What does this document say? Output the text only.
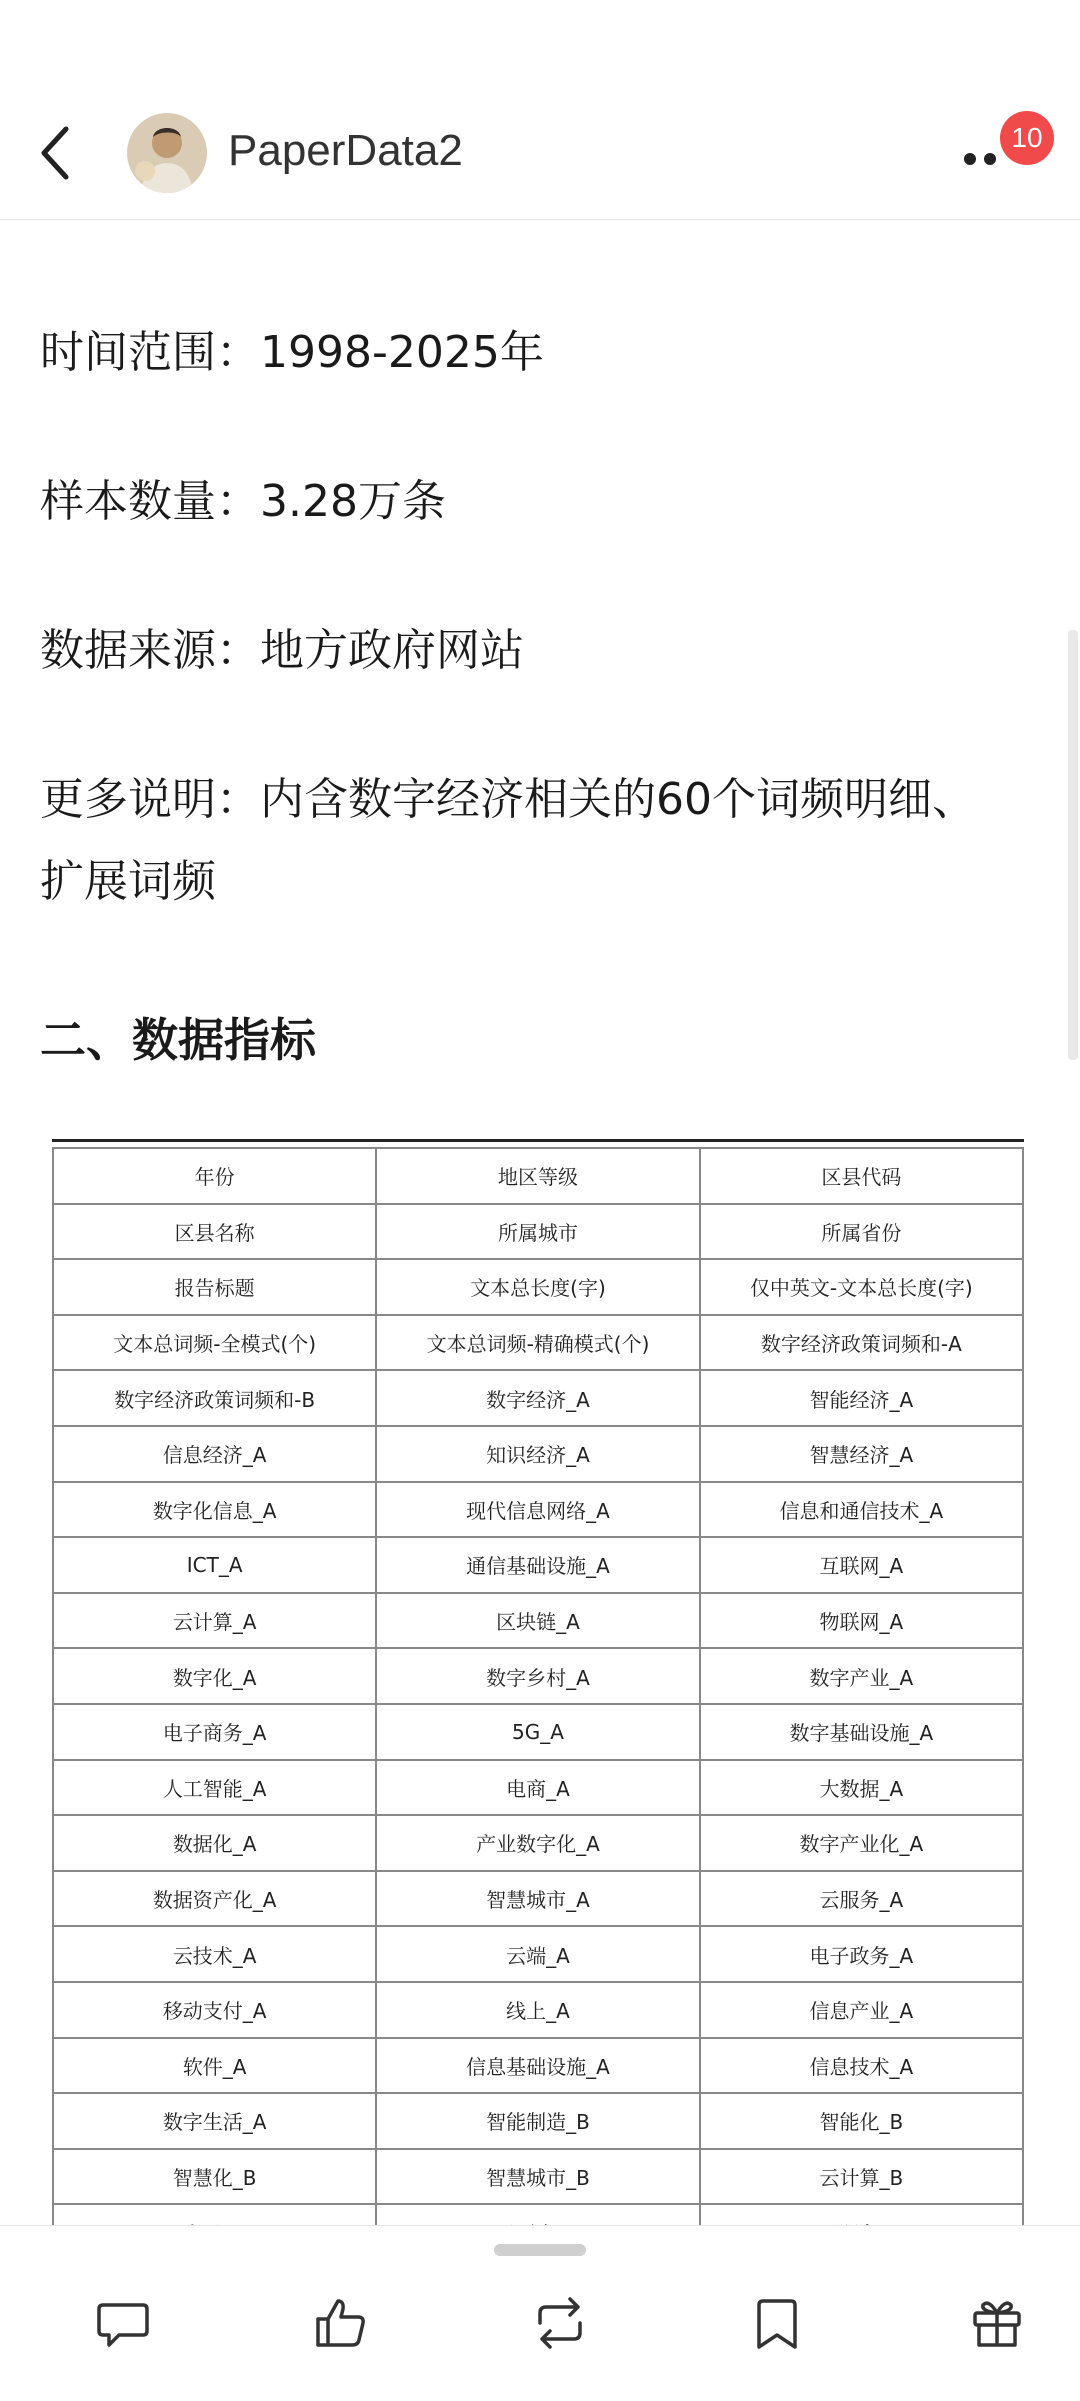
PaperData2	10
时间范围：1998-2025年
样本数量：3.28万条
数据来源：地方政府网站
更多说明：内含数字经济相关的60个词频明细、
扩展词频
二、数据指标
年份	地区等级	区县代码
区县名称	所属城市	所属省份
报告标题	文本总长度(字)	仅中英文-文本总长度(字)
文本总词频-全模式(个)	文本总词频-精确模式(个)	数字经济政策词频和-A
数字经济政策词频和-B	数字经济_A	智能经济_A
信息经济_A	知识经济_A	智慧经济_A
数字化信息_A	现代信息网络_A	信息和通信技术_A
ICT_A	通信基础设施_A	互联网_A
云计算_A	区块链_A	物联网_A
数字化_A	数字乡村_A	数字产业_A
电子商务_A	5G_A	数字基础设施_A
人工智能_A	电商_A	大数据_A
数据化_A	产业数字化_A	数字产业化_A
数据资产化_A	智慧城市_A	云服务_A
云技术_A	云端_A	电子政务_A
移动支付_A	线上_A	信息产业_A
软件_A	信息基础设施_A	信息技术_A
数字生活_A	智能制造_B	智能化_B
智慧化_B	智慧城市_B	云计算_B
